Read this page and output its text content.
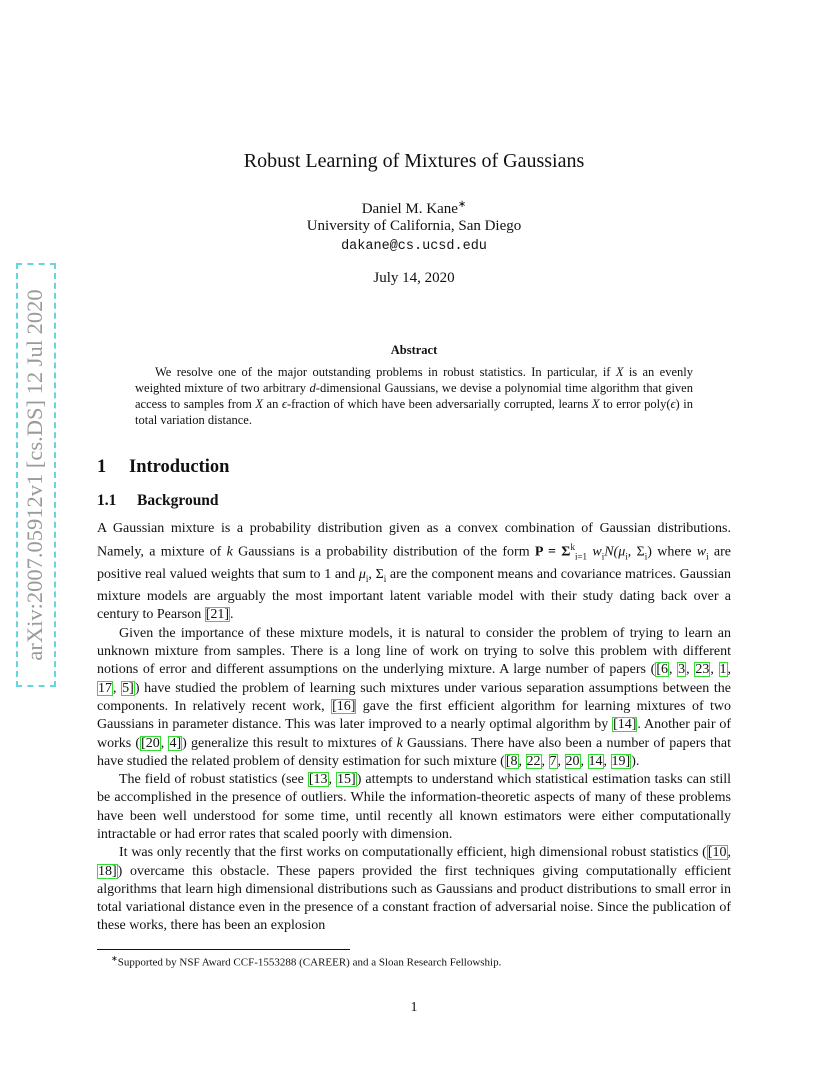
arXiv:2007.05912v1 [cs.DS] 12 Jul 2020
Robust Learning of Mixtures of Gaussians
Daniel M. Kane∗
University of California, San Diego
dakane@cs.ucsd.edu
July 14, 2020
Abstract

We resolve one of the major outstanding problems in robust statistics. In particular, if X is an evenly weighted mixture of two arbitrary d-dimensional Gaussians, we devise a polynomial time algorithm that given access to samples from X an ϵ-fraction of which have been adversarially corrupted, learns X to error poly(ϵ) in total variation distance.

1 Introduction
1.1 Background

A Gaussian mixture is a probability distribution given as a convex combination of Gaussian distributions. Namely, a mixture of k Gaussians is a probability distribution of the form $P = \Sigma^k_{i=1}$ $w_iN(\mu_i$, $\Sigma_i$) where $w_i$ are positive real valued weights that sum to 1 and $\mu_i$, $\Sigma_i$ are the component means and covariance matrices. Gaussian mixture models are arguably the most important latent variable model with their study dating back over a century to Pearson [21].

Given the importance of these mixture models, it is natural to consider the problem of trying to learn an unknown mixture from samples. There is a long line of work on trying to solve this problem with different notions of error and different assumptions on the underlying mixture. A large number of papers ([6, 3, 23, 1, 17, 5]) have studied the problem of learning such mixtures under various separation assumptions between the components. In relatively recent work, [16] gave the first efficient algorithm for learning mixtures of two Gaussians in parameter distance. This was later improved to a nearly optimal algorithm by [14]. Another pair of works ([20, 4]) generalize this result to mixtures of k Gaussians. There have also been a number of papers that have studied the related problem of density estimation for such mixture ([8, 22, 7, 20, 14, 19]).

The field of robust statistics (see [13, 15]) attempts to understand which statistical estimation tasks can still be accomplished in the presence of outliers. While the information-theoretic aspects of many of these problems have been well understood for some time, until recently all known estimators were either computationally intractable or had error rates that scaled poorly with dimension.

It was only recently that the first works on computationally efficient, high dimensional robust statistics ([10, 18]) overcame this obstacle. These papers provided the first techniques giving computationally efficient algorithms that learn high dimensional distributions such as Gaussians and product distributions to small error in total variational distance even in the presence of a constant fraction of adversarial noise. Since the publication of these works, there has been an explosion

∗Supported by NSF Award CCF-1553288 (CAREER) and a Sloan Research Fellowship.
1
